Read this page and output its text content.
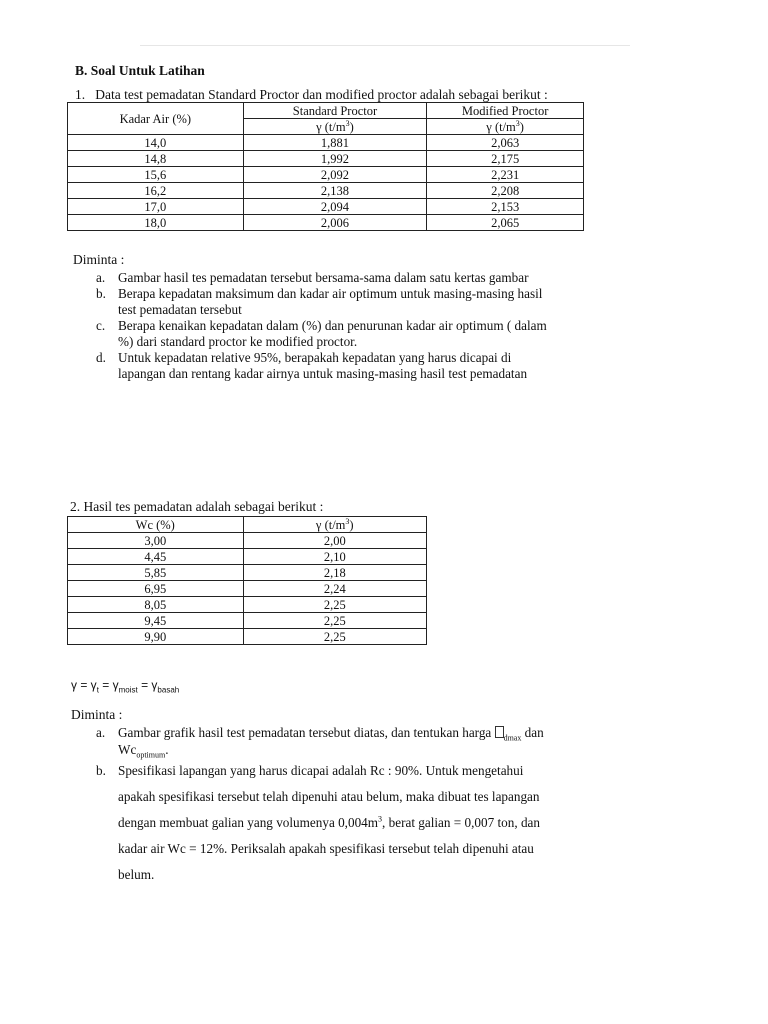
B. Soal Untuk Latihan
1. Data test pemadatan Standard Proctor dan modified proctor adalah sebagai berikut :
Kadar Air (%)	Standard Proctor	Modified Proctor
	γ $(t/m^3)$	γ $(t/m^3)$
14,0	1,881	2,063
14,8	1,992	2,175
15,6	2,092	2,231
16,2	2,138	2,208
17,0	2,094	2,153
18,0	2,006	2,065
Diminta :
a. Gambar hasil tes pemadatan tersebut bersama-sama dalam satu kertas gambar
b. Berapa kepadatan maksimum dan kadar air optimum untuk masing-masing hasil
test pemadatan tersebut
c. Berapa kenaikan kepadatan dalam (%) dan penurunan kadar air optimum ( dalam
%) dari standard proctor ke modified proctor.
d. Untuk kepadatan relative 95%, berapakah kepadatan yang harus dicapai di
lapangan dan rentang kadar airnya untuk masing-masing hasil test pemadatan
2. Hasil tes pemadatan adalah sebagai berikut :
Wc (%)	γ $(t/m^3)$
3,00	2,00
4,45	2,10
5,85	2,18
6,95	2,24
8,05	2,25
9,45	2,25
9,90	2,25
$\gamma = \gamma_t = \gamma_{moist} = \gamma_{basah}$
Diminta :
a. Gambar grafik hasil test pemadatan tersebut diatas, dan tentukan harga $_{dmax}$ dan
$Wc_{optimum}$.
b. Spesifikasi lapangan yang harus dicapai adalah Rc : 90%. Untuk mengetahui
apakah spesifikasi tersebut telah dipenuhi atau belum, maka dibuat tes lapangan
dengan membuat galian yang volumenya $0,004m^3$, berat galian = 0,007 ton, dan
kadar air Wc = 12%. Periksalah apakah spesifikasi tersebut telah dipenuhi atau
belum.
